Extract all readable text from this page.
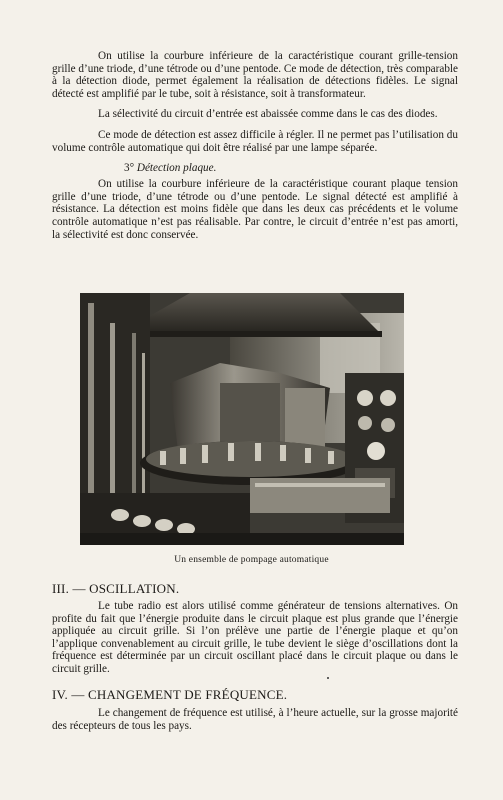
On utilise la courbure inférieure de la caractéristique courant grille-tension grille d’une triode, d’une tétrode ou d’une pentode. Ce mode de détection, très comparable à la détection diode, permet également la réalisation de détections fidèles. Le signal détecté est amplifié par le tube, soit à résistance, soit à transformateur.

La sélectivité du circuit d’entrée est abaissée comme dans le cas des diodes.

Ce mode de détection est assez difficile à régler. Il ne permet pas l’utilisation du volume contrôle automatique qui doit être réalisé par une lampe séparée.

3° Détection plaque.

On utilise la courbure inférieure de la caractéristique courant plaque tension grille d’une triode, d’une tétrode ou d’une pentode. Le signal détecté est amplifié à résistance. La détection est moins fidèle que dans les deux cas précédents et le volume contrôle automatique n’est pas réalisable. Par contre, le circuit d’entrée n’est pas amorti, la sélectivité est donc conservée.

Un ensemble de pompage automatique
III. — OSCILLATION.

Le tube radio est alors utilisé comme générateur de tensions alternatives. On profite du fait que l’énergie produite dans le circuit plaque est plus grande que l’énergie appliquée au circuit grille. Si l’on prélève une partie de l’énergie plaque et qu’on l’applique convenablement au circuit grille, le tube devient le siège d’oscillations dont la fréquence est déterminée par un circuit oscillant placé dans le circuit plaque ou dans le circuit grille.

IV. — CHANGEMENT DE FRÉQUENCE.

Le changement de fréquence est utilisé, à l’heure actuelle, sur la grosse majorité des récepteurs de tous les pays.
